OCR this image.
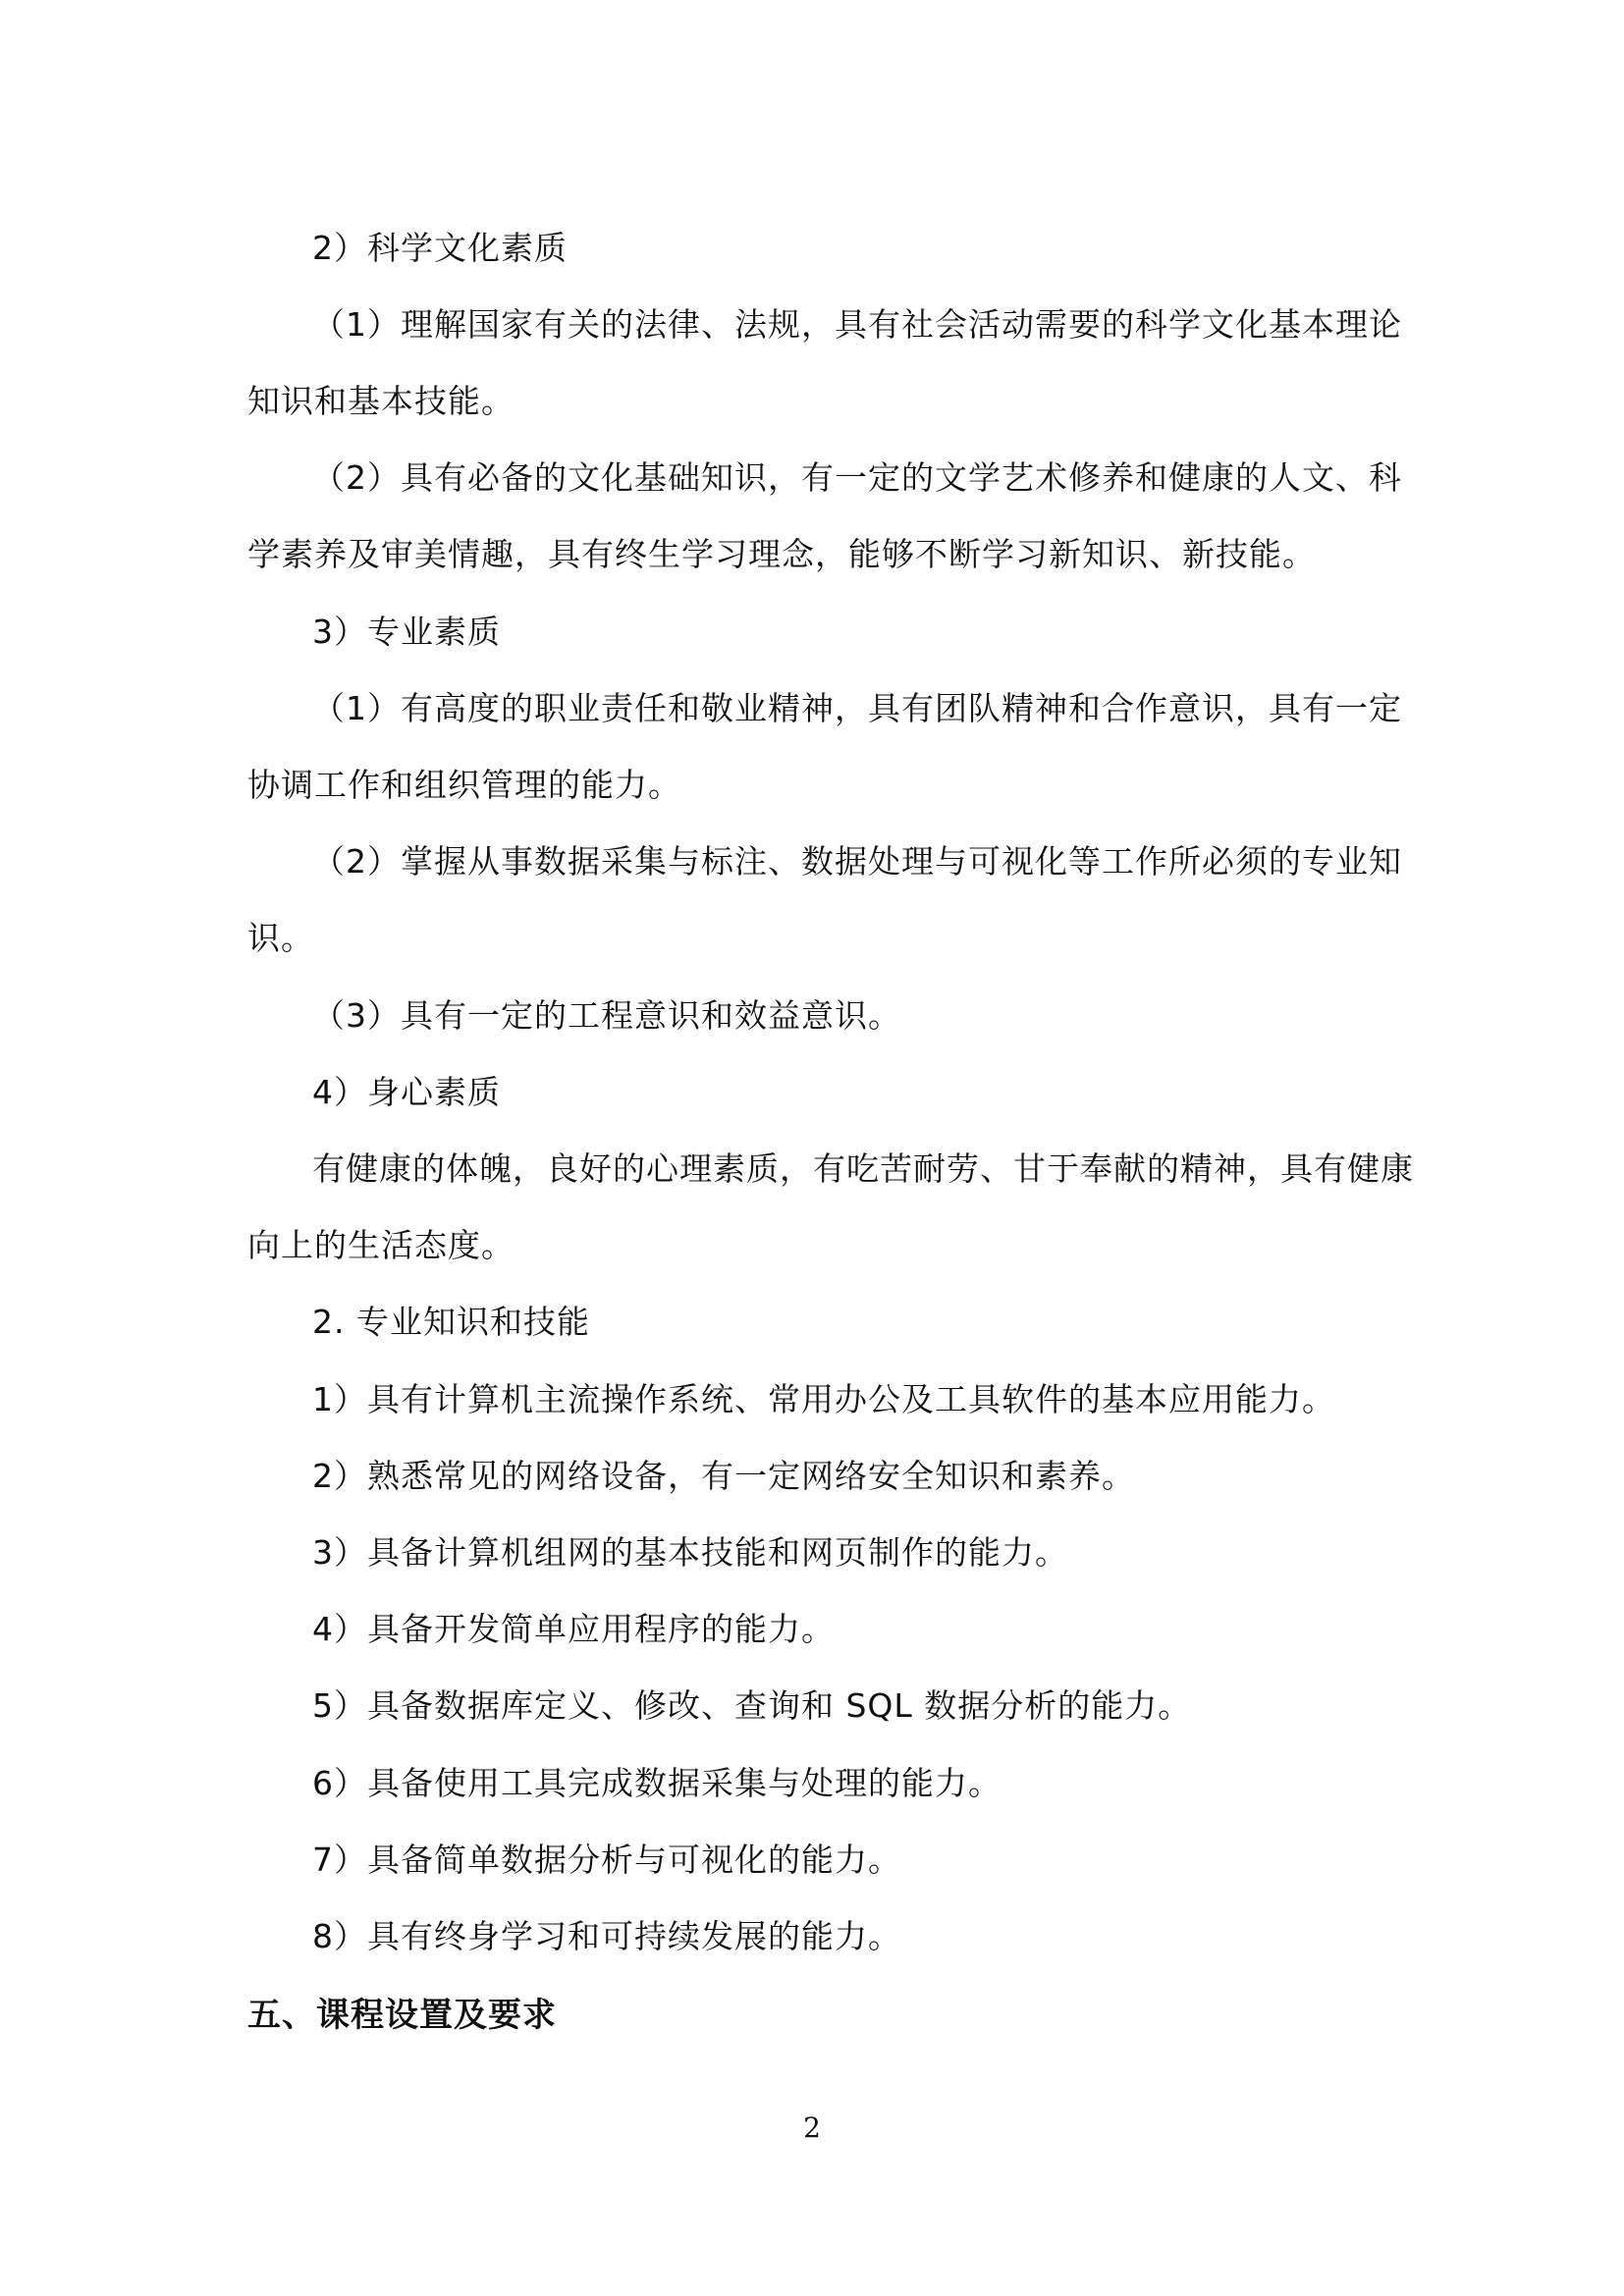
2）科学文化素质
（1）理解国家有关的法律、法规，具有社会活动需要的科学文化基本理论
知识和基本技能。
（2）具有必备的文化基础知识，有一定的文学艺术修养和健康的人文、科
学素养及审美情趣，具有终生学习理念，能够不断学习新知识、新技能。
3）专业素质
（1）有高度的职业责任和敬业精神，具有团队精神和合作意识，具有一定
协调工作和组织管理的能力。
（2）掌握从事数据采集与标注、数据处理与可视化等工作所必须的专业知
识。
（3）具有一定的工程意识和效益意识。
4）身心素质
有健康的体魄，良好的心理素质，有吃苦耐劳、甘于奉献的精神，具有健康
向上的生活态度。
2. 专业知识和技能
1）具有计算机主流操作系统、常用办公及工具软件的基本应用能力。
2）熟悉常见的网络设备，有一定网络安全知识和素养。
3）具备计算机组网的基本技能和网页制作的能力。
4）具备开发简单应用程序的能力。
5）具备数据库定义、修改、查询和 SQL 数据分析的能力。
6）具备使用工具完成数据采集与处理的能力。
7）具备简单数据分析与可视化的能力。
8）具有终身学习和可持续发展的能力。
五、课程设置及要求
2
